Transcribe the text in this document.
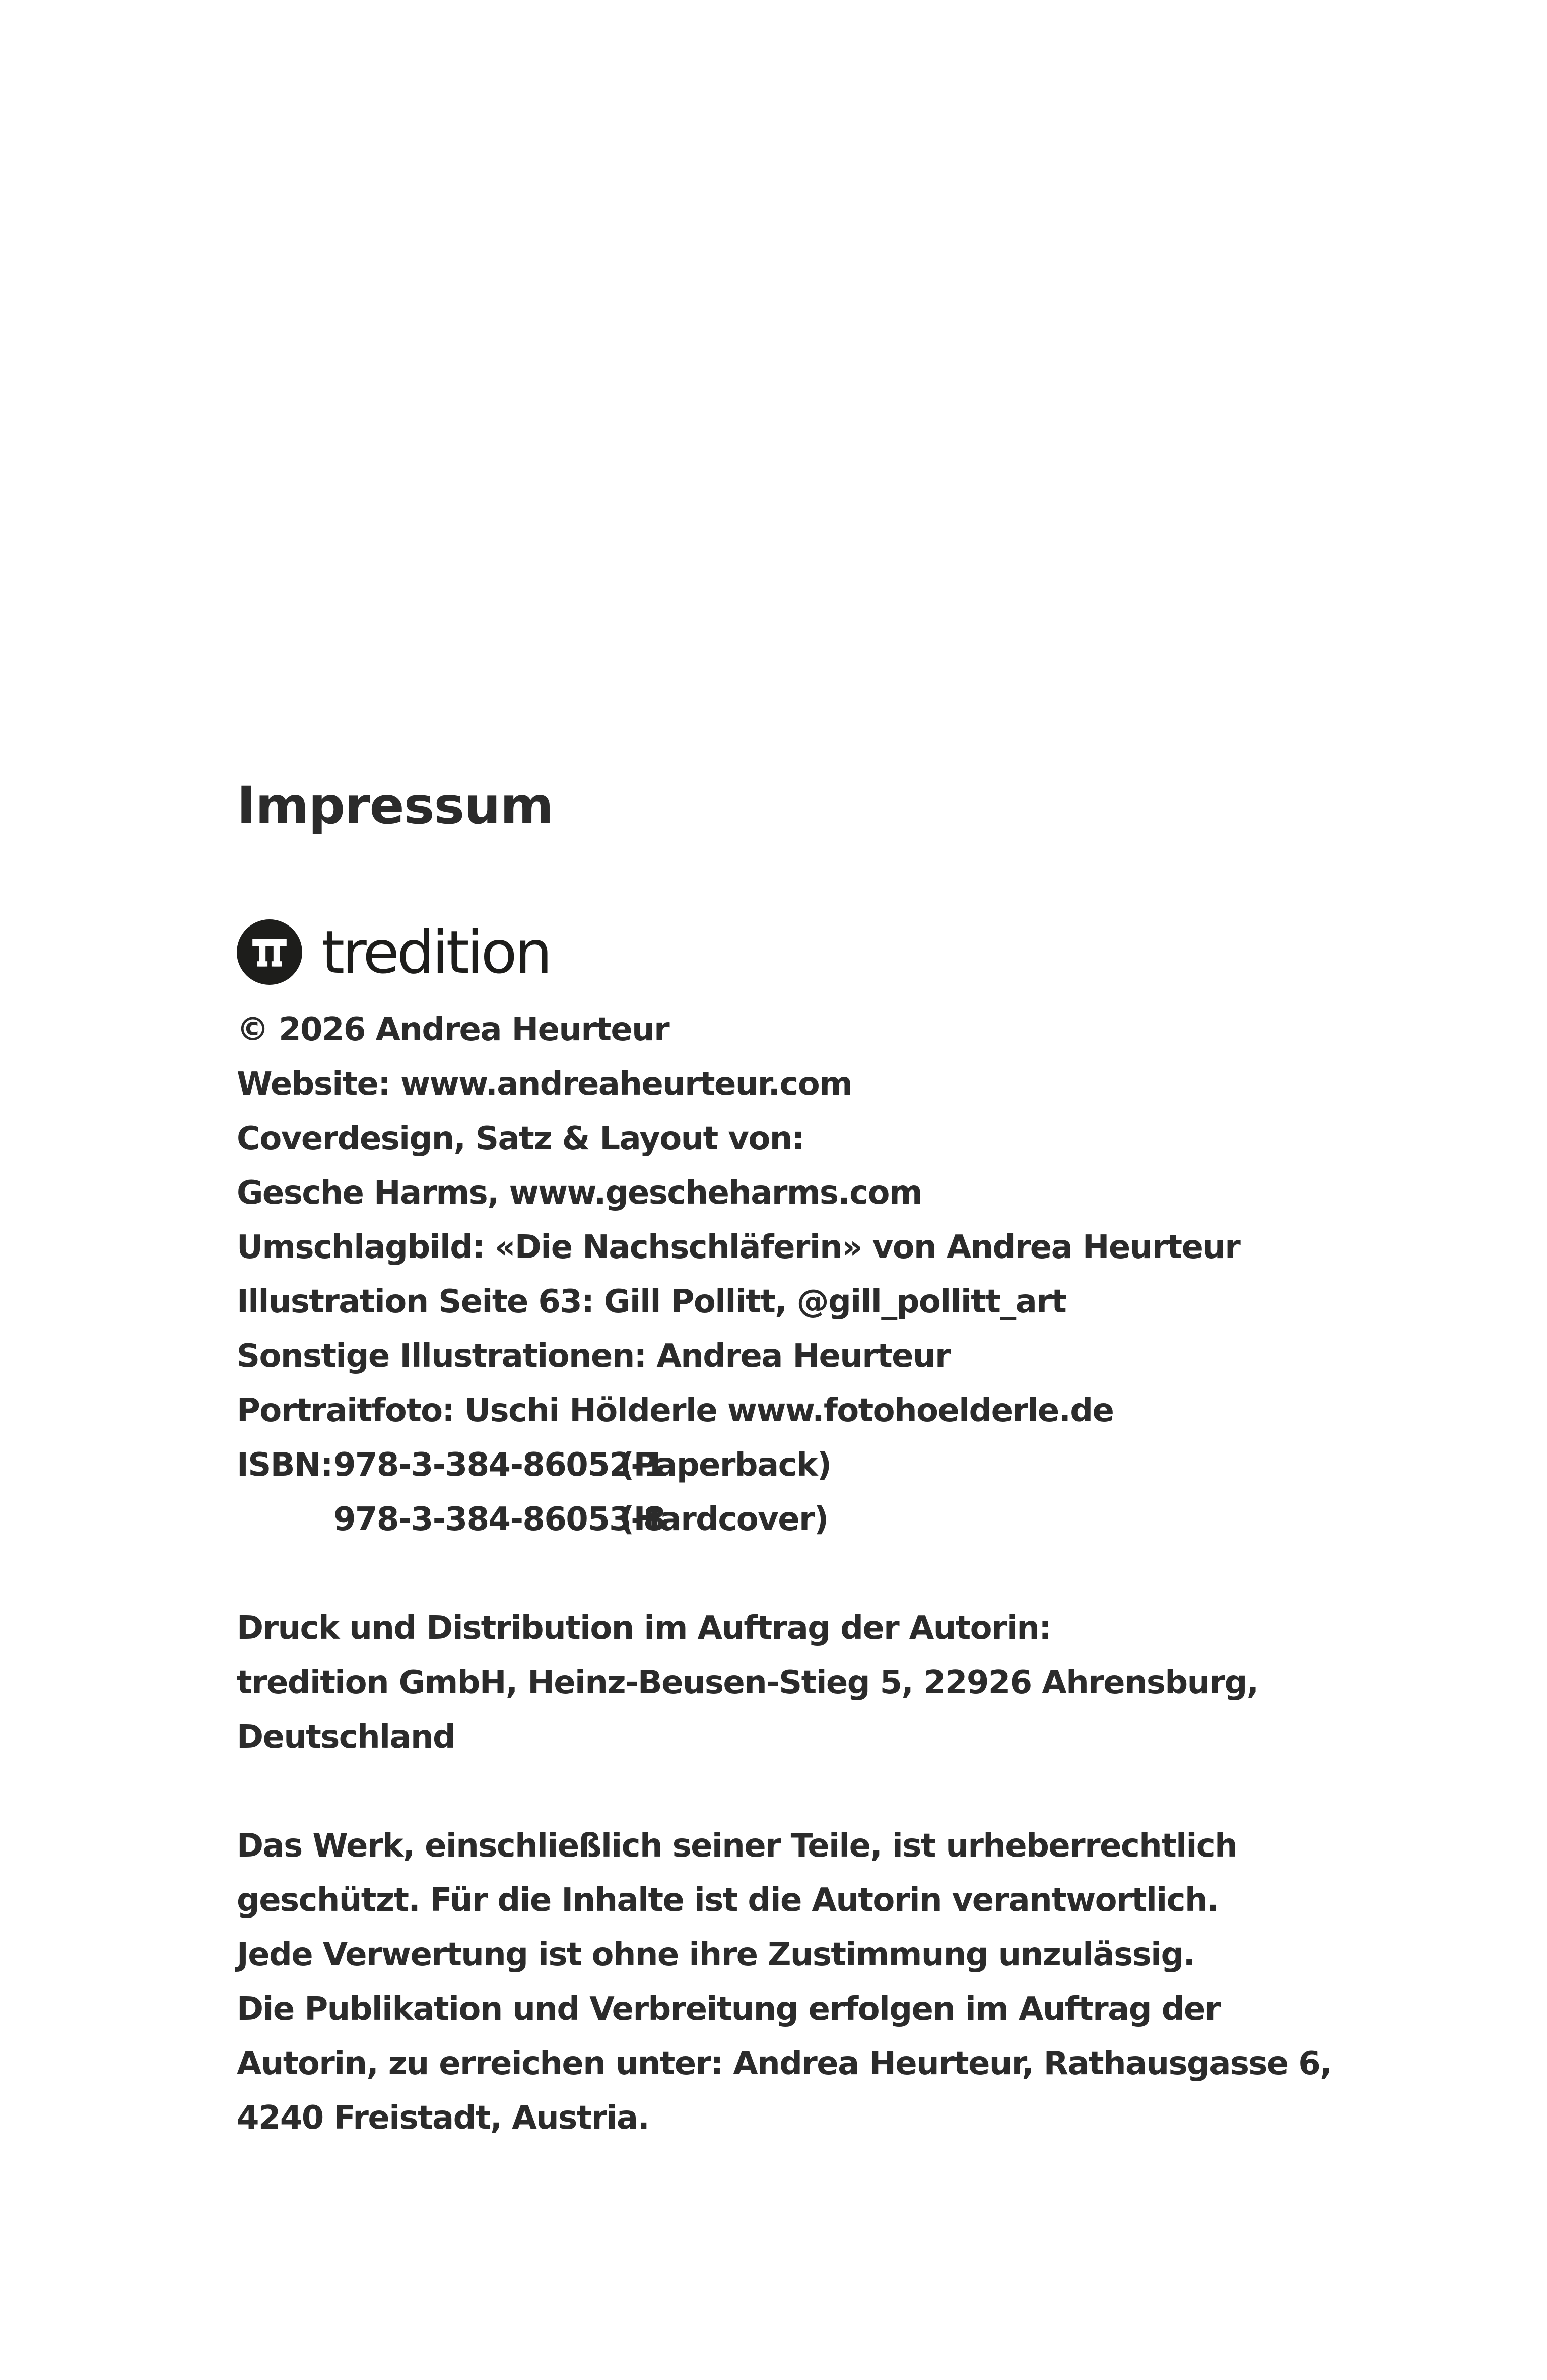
Impressum
tredition
© 2026 Andrea Heurteur
Website: www.andreaheurteur.com
Coverdesign, Satz & Layout von:
Gesche Harms, www.gescheharms.com
Umschlagbild: «Die Nachschläferin» von Andrea Heurteur
Illustration Seite 63: Gill Pollitt, @gill_pollitt_art
Sonstige Illustrationen: Andrea Heurteur
Portraitfoto: Uschi Hölderle www.fotohoelderle.de
ISBN: 978-3-384-86052-1
(Paperback)
978-3-384-86053-8
(Hardcover)
Druck und Distribution im Auftrag der Autorin:
tredition GmbH, Heinz-Beusen-Stieg 5, 22926 Ahrensburg,
Deutschland
Das Werk, einschließlich seiner Teile, ist urheberrechtlich
geschützt. Für die Inhalte ist die Autorin verantwortlich.
Jede Verwertung ist ohne ihre Zustimmung unzulässig.
Die Publikation und Verbreitung erfolgen im Auftrag der
Autorin, zu erreichen unter: Andrea Heurteur, Rathausgasse 6,
4240 Freistadt, Austria.
